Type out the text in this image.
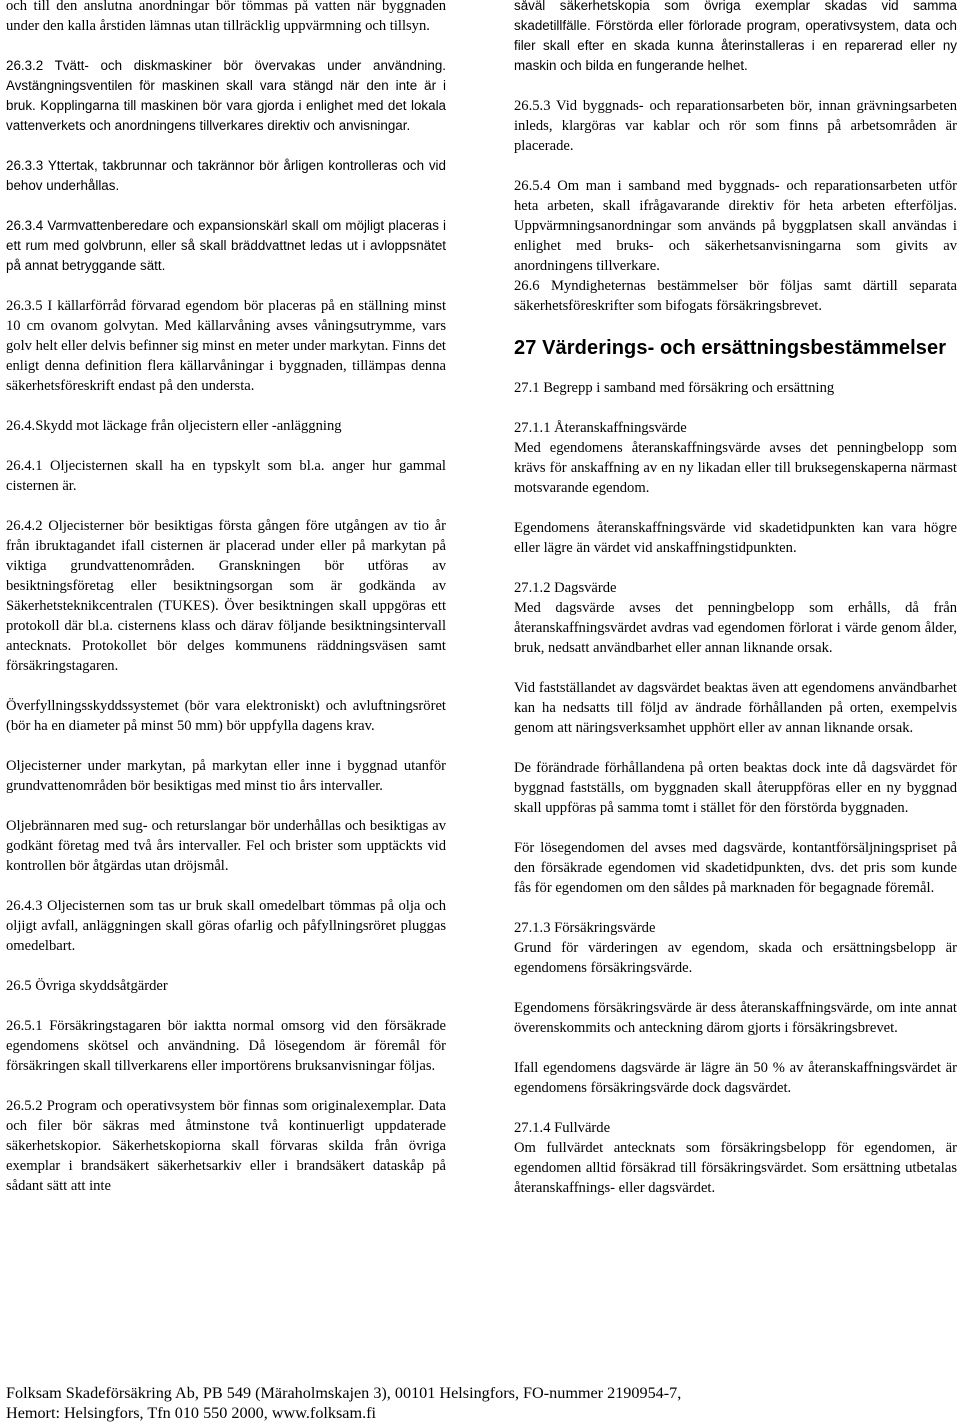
och till den anslutna anordningar bör tömmas på vatten när byggnaden under den kalla årstiden lämnas utan tillräcklig uppvärmning och tillsyn.

26.3.2 Tvätt- och diskmaskiner bör övervakas under användning. Avstängningsventilen för maskinen skall vara stängd när den inte är i bruk. Kopplingarna till maskinen bör vara gjorda i enlighet med det lokala vattenverkets och anordningens tillverkares direktiv och anvisningar.

26.3.3 Yttertak, takbrunnar och takrännor bör årligen kontrolleras och vid behov underhållas.

26.3.4 Varmvattenberedare och expansionskärl skall om möjligt placeras i ett rum med golvbrunn, eller så skall bräddvattnet ledas ut i avloppsnätet på annat betryggande sätt.

26.3.5 I källarförråd förvarad egendom bör placeras på en ställning minst 10 cm ovanom golvytan. Med källarvåning avses våningsutrymme, vars golv helt eller delvis befinner sig minst en meter under markytan. Finns det enligt denna definition flera källarvåningar i byggnaden, tillämpas denna säkerhetsföreskrift endast på den understa.

26.4.Skydd mot läckage från oljecistern eller -anläggning

26.4.1 Oljecisternen skall ha en typskylt som bl.a. anger hur gammal cisternen är.

26.4.2 Oljecisterner bör besiktigas första gången före utgången av tio år från ibruktagandet ifall cisternen är placerad under eller på markytan på viktiga grundvattenområden. Granskningen bör utföras av besiktningsföretag eller besiktningsorgan som är godkända av Säkerhetsteknikcentralen (TUKES). Över besiktningen skall uppgöras ett protokoll där bl.a. cisternens klass och därav följande besiktningsintervall antecknats. Protokollet bör delges kommunens räddningsväsen samt försäkringstagaren.

Överfyllningsskyddssystemet (bör vara elektroniskt) och avluftningsröret (bör ha en diameter på minst 50 mm) bör uppfylla dagens krav.

Oljecisterner under markytan, på markytan eller inne i byggnad utanför grundvattenområden bör besiktigas med minst tio års intervaller.

Oljebrännaren med sug- och returslangar bör underhållas och besiktigas av godkänt företag med två års intervaller. Fel och brister som upptäckts vid kontrollen bör åtgärdas utan dröjsmål.

26.4.3 Oljecisternen som tas ur bruk skall omedelbart tömmas på olja och oljigt avfall, anläggningen skall göras ofarlig och påfyllningsröret pluggas omedelbart.

26.5 Övriga skyddsåtgärder

26.5.1 Försäkringstagaren bör iaktta normal omsorg vid den försäkrade egendomens skötsel och användning. Då lösegendom är föremål för försäkringen skall tillverkarens eller importörens bruksanvisningar följas.

26.5.2 Program och operativsystem bör finnas som originalexemplar. Data och filer bör säkras med åtminstone två kontinuerligt uppdaterade säkerhetskopior. Säkerhetskopiorna skall förvaras skilda från övriga exemplar i brandsäkert säkerhetsarkiv eller i brandsäkert dataskåp på sådant sätt att inte

såväl säkerhetskopia som övriga exemplar skadas vid samma skadetillfälle. Förstörda eller förlorade program, operativsystem, data och filer skall efter en skada kunna återinstalleras i en reparerad eller ny maskin och bilda en fungerande helhet.

26.5.3 Vid byggnads- och reparationsarbeten bör, innan grävningsarbeten inleds, klargöras var kablar och rör som finns på arbetsområden är placerade.

26.5.4 Om man i samband med byggnads- och reparationsarbeten utför heta arbeten, skall ifrågavarande direktiv för heta arbeten efterföljas. Uppvärmningsanordningar som används på byggplatsen skall användas i enlighet med bruks- och säkerhetsanvisningarna som givits av anordningens tillverkare.

26.6 Myndigheternas bestämmelser bör följas samt därtill separata säkerhetsföreskrifter som bifogats försäkringsbrevet.

27 Värderings- och ersättningsbestämmelser

27.1 Begrepp i samband med försäkring och ersättning

27.1.1 Återanskaffningsvärde
Med egendomens återanskaffningsvärde avses det penningbelopp som krävs för anskaffning av en ny likadan eller till bruksegenskaperna närmast motsvarande egendom.

Egendomens återanskaffningsvärde vid skadetidpunkten kan vara högre eller lägre än värdet vid anskaffningstidpunkten.

27.1.2 Dagsvärde
Med dagsvärde avses det penningbelopp som erhålls, då från återanskaffningsvärdet avdras vad egendomen förlorat i värde genom ålder, bruk, nedsatt användbarhet eller annan liknande orsak.

Vid fastställandet av dagsvärdet beaktas även att egendomens användbarhet kan ha nedsatts till följd av ändrade förhållanden på orten, exempelvis genom att näringsverksamhet upphört eller av annan liknande orsak.

De förändrade förhållandena på orten beaktas dock inte då dagsvärdet för byggnad fastställs, om byggnaden skall återuppföras eller en ny byggnad skall uppföras på samma tomt i stället för den förstörda byggnaden.

För lösegendomen del avses med dagsvärde, kontantförsäljningspriset på den försäkrade egendomen vid skadetidpunkten, dvs. det pris som kunde fås för egendomen om den såldes på marknaden för begagnade föremål.

27.1.3 Försäkringsvärde
Grund för värderingen av egendom, skada och ersättningsbelopp är egendomens försäkringsvärde.

Egendomens försäkringsvärde är dess återanskaffningsvärde, om inte annat överenskommits och anteckning därom gjorts i försäkringsbrevet.

Ifall egendomens dagsvärde är lägre än 50 % av återanskaffningsvärdet är egendomens försäkringsvärde dock dagsvärdet.

27.1.4 Fullvärde
Om fullvärdet antecknats som försäkringsbelopp för egendomen, är egendomen alltid försäkrad till försäkringsvärdet. Som ersättning utbetalas återanskaffnings- eller dagsvärdet.

Folksam Skadeförsäkring Ab, PB 549 (Märaholmskajen 3), 00101 Helsingfors, FO-nummer 2190954-7,
Hemort: Helsingfors, Tfn 010 550 2000, www.folksam.fi
